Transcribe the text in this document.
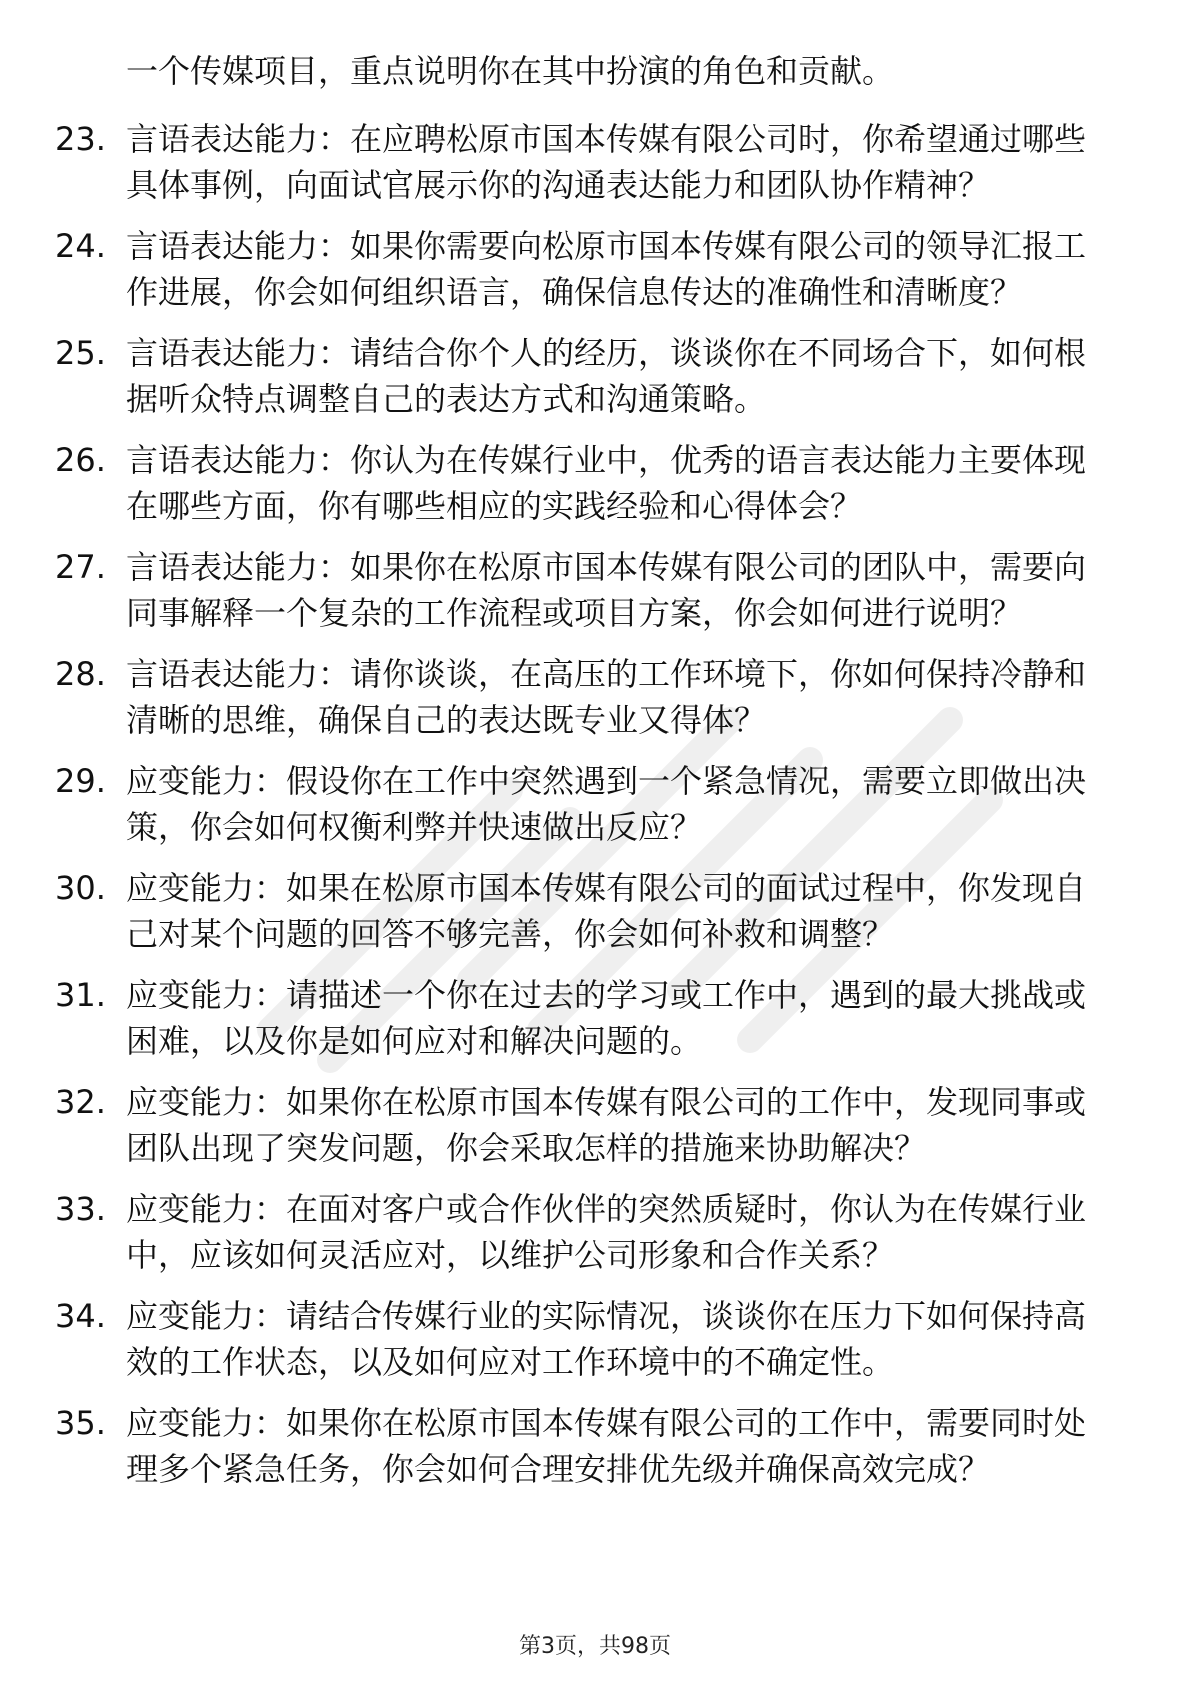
一个传媒项目，重点说明你在其中扮演的角色和贡献。
23. 言语表达能力：在应聘松原市国本传媒有限公司时，你希望通过哪些具体事例，向面试官展示你的沟通表达能力和团队协作精神？
24. 言语表达能力：如果你需要向松原市国本传媒有限公司的领导汇报工作进展，你会如何组织语言，确保信息传达的准确性和清晰度？
25. 言语表达能力：请结合你个人的经历，谈谈你在不同场合下，如何根据听众特点调整自己的表达方式和沟通策略。
26. 言语表达能力：你认为在传媒行业中，优秀的语言表达能力主要体现在哪些方面，你有哪些相应的实践经验和心得体会？
27. 言语表达能力：如果你在松原市国本传媒有限公司的团队中，需要向同事解释一个复杂的工作流程或项目方案，你会如何进行说明？
28. 言语表达能力：请你谈谈，在高压的工作环境下，你如何保持冷静和清晰的思维，确保自己的表达既专业又得体？
29. 应变能力：假设你在工作中突然遇到一个紧急情况，需要立即做出决策，你会如何权衡利弊并快速做出反应？
30. 应变能力：如果在松原市国本传媒有限公司的面试过程中，你发现自己对某个问题的回答不够完善，你会如何补救和调整？
31. 应变能力：请描述一个你在过去的学习或工作中，遇到的最大挑战或困难，以及你是如何应对和解决问题的。
32. 应变能力：如果你在松原市国本传媒有限公司的工作中，发现同事或团队出现了突发问题，你会采取怎样的措施来协助解决？
33. 应变能力：在面对客户或合作伙伴的突然质疑时，你认为在传媒行业中，应该如何灵活应对，以维护公司形象和合作关系？
34. 应变能力：请结合传媒行业的实际情况，谈谈你在压力下如何保持高效的工作状态，以及如何应对工作环境中的不确定性。
35. 应变能力：如果你在松原市国本传媒有限公司的工作中，需要同时处理多个紧急任务，你会如何合理安排优先级并确保高效完成？
第3页，共98页
